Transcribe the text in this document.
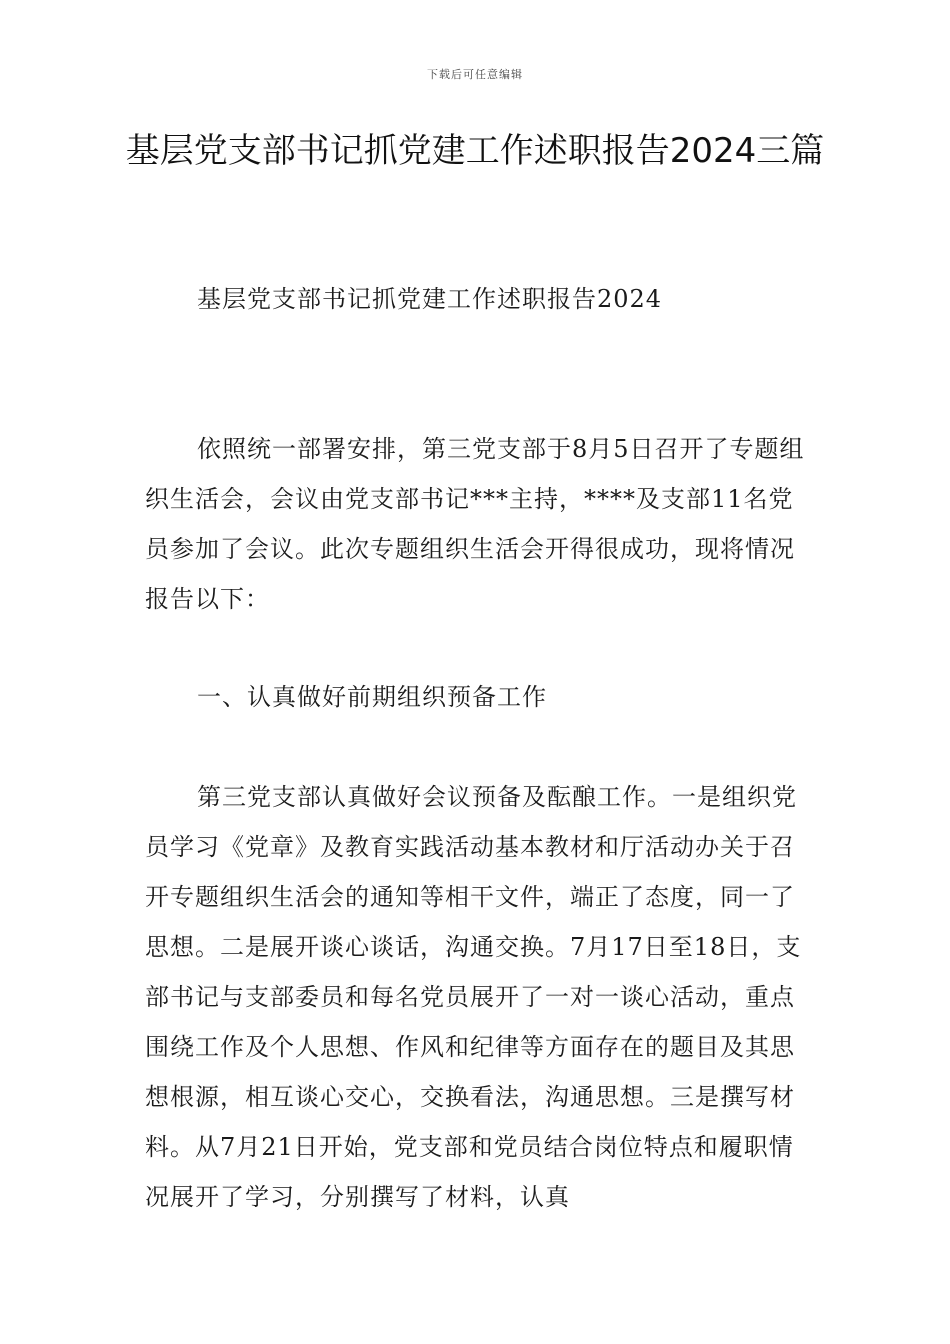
下载后可任意编辑
基层党支部书记抓党建工作述职报告2024三篇

基层党支部书记抓党建工作述职报告2024

依照统一部署安排，第三党支部于8月5日召开了专题组织生活会，会议由党支部书记***主持，****及支部11名党员参加了会议。此次专题组织生活会开得很成功，现将情况报告以下：

一、认真做好前期组织预备工作

第三党支部认真做好会议预备及酝酿工作。一是组织党员学习《党章》及教育实践活动基本教材和厅活动办关于召开专题组织生活会的通知等相干文件，端正了态度，同一了思想。二是展开谈心谈话，沟通交换。7月17日至18日，支部书记与支部委员和每名党员展开了一对一谈心活动，重点围绕工作及个人思想、作风和纪律等方面存在的题目及其思想根源，相互谈心交心，交换看法，沟通思想。三是撰写材料。从7月21日开始，党支部和党员结合岗位特点和履职情况展开了学习，分别撰写了材料，认真
